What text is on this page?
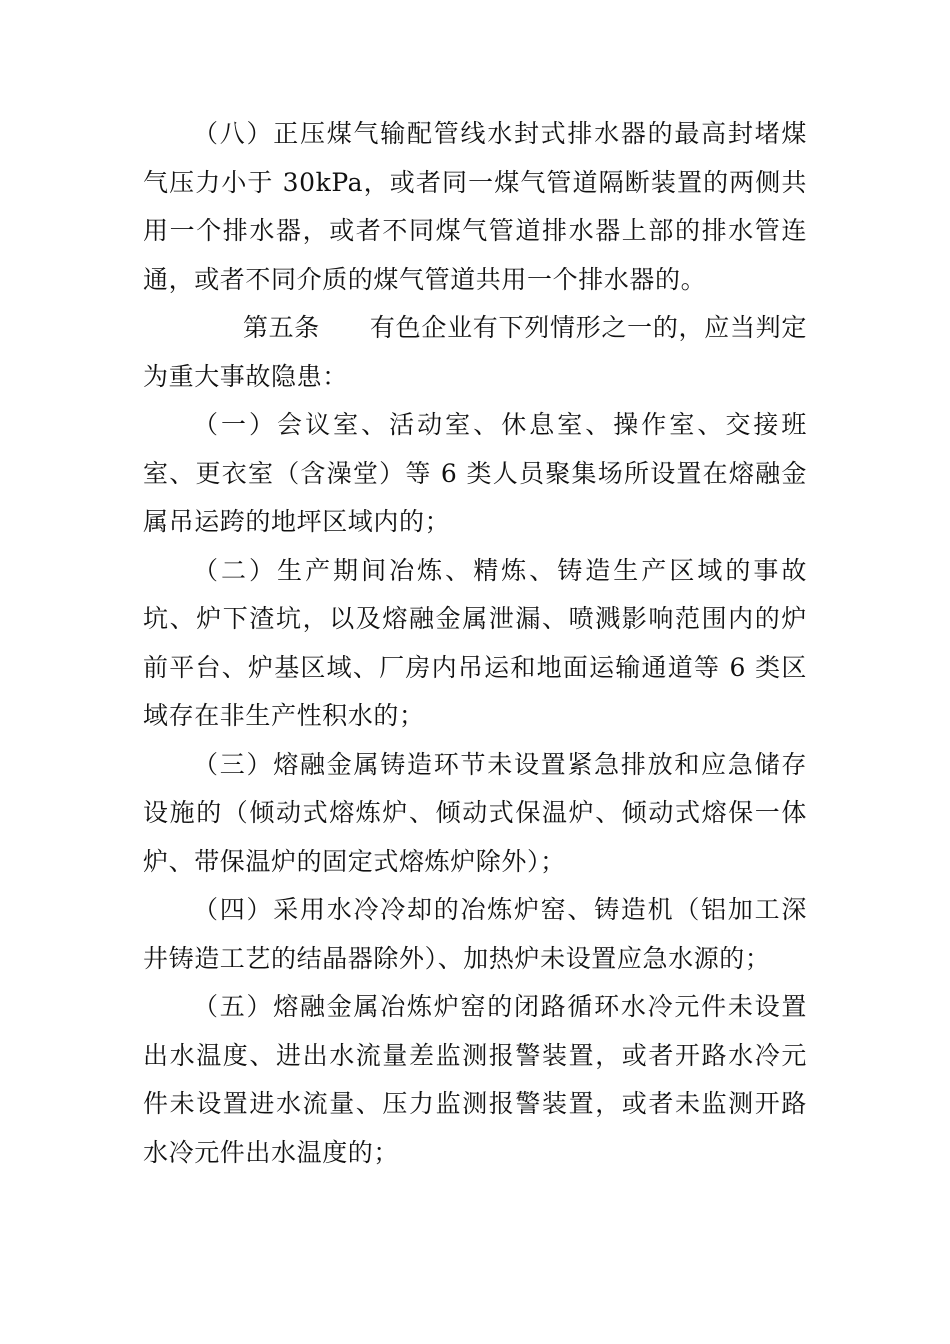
（八）正压煤气输配管线水封式排水器的最高封堵煤气压力小于 30kPa，或者同一煤气管道隔断装置的两侧共用一个排水器，或者不同煤气管道排水器上部的排水管连通，或者不同介质的煤气管道共用一个排水器的。

第五条 有色企业有下列情形之一的，应当判定为重大事故隐患：

（一）会议室、活动室、休息室、操作室、交接班室、更衣室（含澡堂）等 6 类人员聚集场所设置在熔融金属吊运跨的地坪区域内的；

（二）生产期间冶炼、精炼、铸造生产区域的事故坑、炉下渣坑，以及熔融金属泄漏、喷溅影响范围内的炉前平台、炉基区域、厂房内吊运和地面运输通道等 6 类区域存在非生产性积水的；

（三）熔融金属铸造环节未设置紧急排放和应急储存设施的（倾动式熔炼炉、倾动式保温炉、倾动式熔保一体炉、带保温炉的固定式熔炼炉除外）；

（四）采用水冷冷却的冶炼炉窑、铸造机（铝加工深井铸造工艺的结晶器除外）、加热炉未设置应急水源的；

（五）熔融金属冶炼炉窑的闭路循环水冷元件未设置出水温度、进出水流量差监测报警装置，或者开路水冷元件未设置进水流量、压力监测报警装置，或者未监测开路水冷元件出水温度的；
